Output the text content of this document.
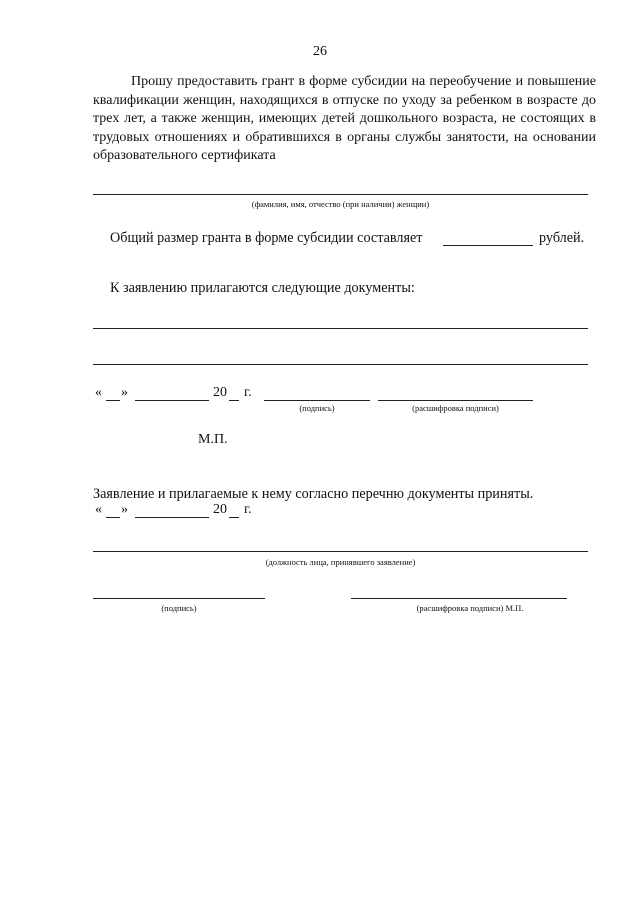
26
Прошу предоставить грант в форме субсидии на переобучение и повышение квалификации женщин, находящихся в отпуске по уходу за ребенком в возрасте до трех лет, а также женщин, имеющих детей дошкольного возраста, не состоящих в трудовых отношениях и обратившихся в органы службы занятости, на основании образовательного сертификата
(фамилия, имя, отчество (при наличии) женщин)
Общий размер гранта в форме субсидии составляет	рублей.
К заявлению прилагаются следующие документы:
« »	20 г.
(подпись)	(расшифровка подписи)
М.П.
Заявление и прилагаемые к нему согласно перечню документы приняты.
« »	20 г.
(должность лица, принявшего заявление)
(подпись)	(расшифровка подписи) М.П.
